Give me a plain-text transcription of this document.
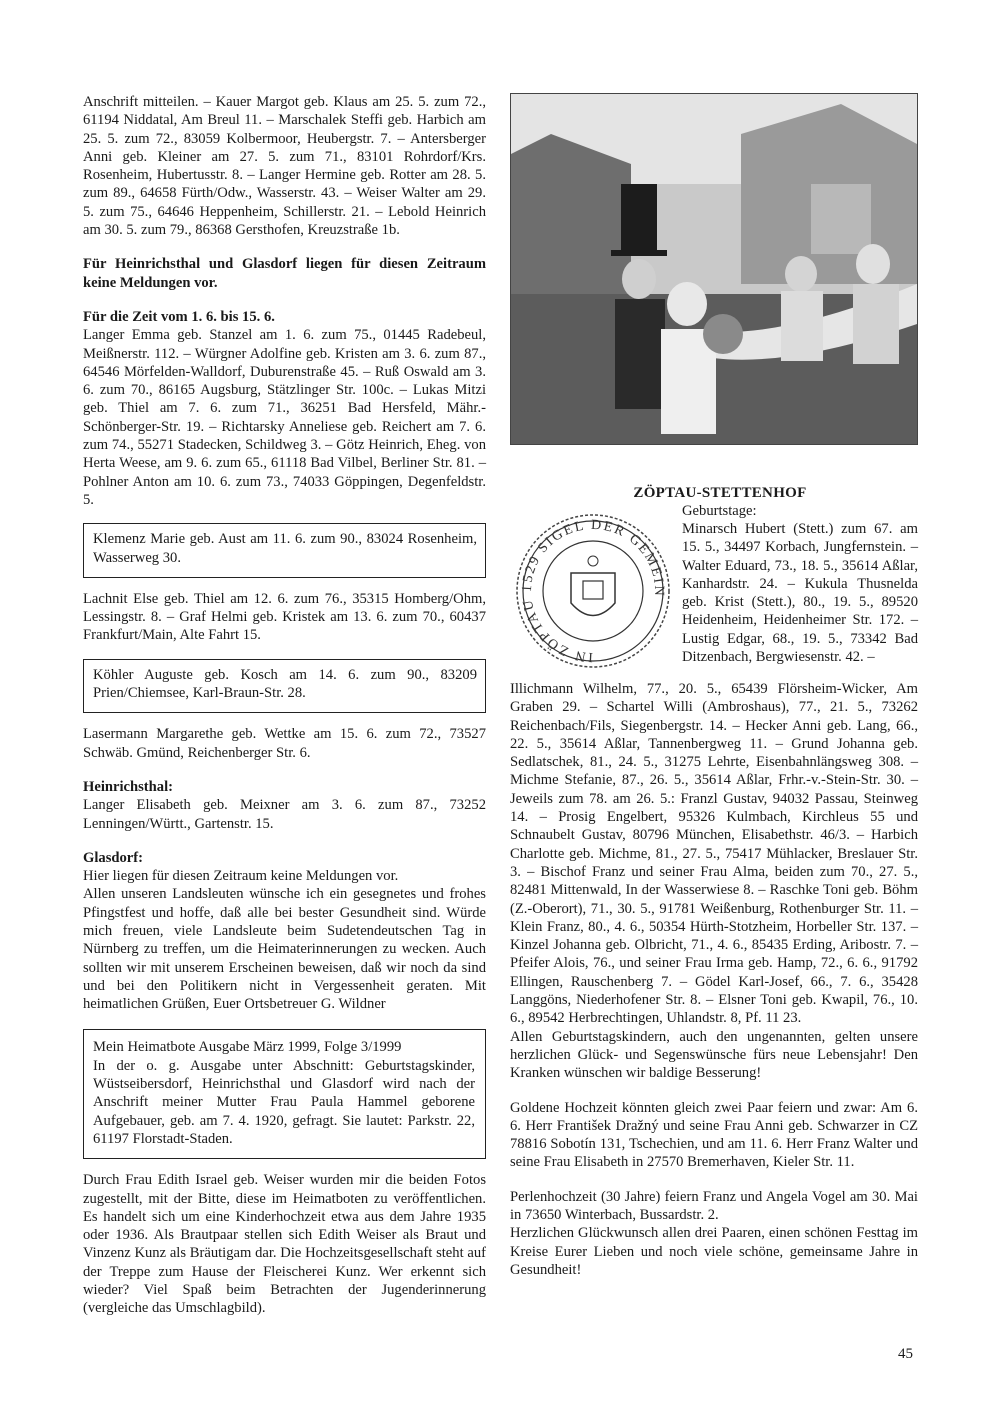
Anschrift mitteilen. – Kauer Margot geb. Klaus am 25. 5. zum 72., 61194 Niddatal, Am Breul 11. – Marschalek Steffi geb. Harbich am 25. 5. zum 72., 83059 Kolbermoor, Heubergstr. 7. – Antersberger Anni geb. Kleiner am 27. 5. zum 71., 83101 Rohrdorf/Krs. Rosenheim, Hubertusstr. 8. – Langer Hermine geb. Rotter am 28. 5. zum 89., 64658 Fürth/Odw., Wasserstr. 43. – Weiser Walter am 29. 5. zum 75., 64646 Heppenheim, Schillerstr. 21. – Lebold Heinrich am 30. 5. zum 79., 86368 Gersthofen, Kreuzstraße 1b.

Für Heinrichsthal und Glasdorf liegen für diesen Zeitraum keine Meldungen vor.

Für die Zeit vom 1. 6. bis 15. 6.

Langer Emma geb. Stanzel am 1. 6. zum 75., 01445 Radebeul, Meißnerstr. 112. – Würgner Adolfine geb. Kristen am 3. 6. zum 87., 64546 Mörfelden-Walldorf, Duburenstraße 45. – Ruß Oswald am 3. 6. zum 70., 86165 Augsburg, Stätzlinger Str. 100c. – Lukas Mitzi geb. Thiel am 7. 6. zum 71., 36251 Bad Hersfeld, Mähr.-Schönberger-Str. 19. – Richtarsky Anneliese geb. Reichert am 7. 6. zum 74., 55271 Stadecken, Schildweg 3. – Götz Heinrich, Eheg. von Herta Weese, am 9. 6. zum 65., 61118 Bad Vilbel, Berliner Str. 81. – Pohlner Anton am 10. 6. zum 73., 74033 Göppingen, Degenfeldstr. 5.

Klemenz Marie geb. Aust am 11. 6. zum 90., 83024 Rosenheim, Wasserweg 30.

Lachnit Else geb. Thiel am 12. 6. zum 76., 35315 Homberg/Ohm, Lessingstr. 8. – Graf Helmi geb. Kristek am 13. 6. zum 70., 60437 Frankfurt/Main, Alte Fahrt 15.

Köhler Auguste geb. Kosch am 14. 6. zum 90., 83209 Prien/Chiemsee, Karl-Braun-Str. 28.

Lasermann Margarethe geb. Wettke am 15. 6. zum 72., 73527 Schwäb. Gmünd, Reichenberger Str. 6.

Heinrichsthal:

Langer Elisabeth geb. Meixner am 3. 6. zum 87., 73252 Lenningen/Württ., Gartenstr. 15.

Glasdorf:

Hier liegen für diesen Zeitraum keine Meldungen vor.

Allen unseren Landsleuten wünsche ich ein gesegnetes und frohes Pfingstfest und hoffe, daß alle bei bester Gesundheit sind. Würde mich freuen, viele Landsleute beim Sudetendeutschen Tag in Nürnberg zu treffen, um die Heimaterinnerungen zu wecken. Auch sollten wir mit unserem Erscheinen beweisen, daß wir noch da sind und bei den Politikern nicht in Vergessenheit geraten. Mit heimatlichen Grüßen, Euer Ortsbetreuer G. Wildner

Mein Heimatbote Ausgabe März 1999, Folge 3/1999

In der o. g. Ausgabe unter Abschnitt: Geburtstagskinder, Wüstseibersdorf, Heinrichsthal und Glasdorf wird nach der Anschrift meiner Mutter Frau Paula Hammel geborene Aufgebauer, geb. am 7. 4. 1920, gefragt. Sie lautet: Parkstr. 22, 61197 Florstadt-Staden.

Durch Frau Edith Israel geb. Weiser wurden mir die beiden Fotos zugestellt, mit der Bitte, diese im Heimatboten zu veröffentlichen. Es handelt sich um eine Kinderhochzeit etwa aus dem Jahre 1935 oder 1936. Als Brautpaar stellen sich Edith Weiser als Braut und Vinzenz Kunz als Bräutigam dar. Die Hochzeitsgesellschaft steht auf der Treppe zum Hause der Fleischerei Kunz. Wer erkennt sich wieder? Viel Spaß beim Betrachten der Jugenderinnerung (vergleiche das Umschlagbild).

ZÖPTAU-STETTENHOF
IN ZÖPTAU 1529 SIGEL DER GEMEIN

Geburtstage:

Minarsch Hubert (Stett.) zum 67. am 15. 5., 34497 Korbach, Jungfernstein. – Walter Eduard, 73., 18. 5., 35614 Aßlar, Kanhardstr. 24. – Kukula Thusnelda geb. Krist (Stett.), 80., 19. 5., 89520 Heidenheim, Heidenheimer Str. 172. – Lustig Edgar, 68., 19. 5., 73342 Bad Ditzenbach, Bergwiesenstr. 42. –

Illichmann Wilhelm, 77., 20. 5., 65439 Flörsheim-Wicker, Am Graben 29. – Schartel Willi (Ambroshaus), 77., 21. 5., 73262 Reichenbach/Fils, Siegenbergstr. 14. – Hecker Anni geb. Lang, 66., 22. 5., 35614 Aßlar, Tannenbergweg 11. – Grund Johanna geb. Sedlatschek, 81., 24. 5., 31275 Lehrte, Eisenbahnlängsweg 308. – Michme Stefanie, 87., 26. 5., 35614 Aßlar, Frhr.-v.-Stein-Str. 30. – Jeweils zum 78. am 26. 5.: Franzl Gustav, 94032 Passau, Steinweg 14. – Prosig Engelbert, 95326 Kulmbach, Kirchleus 55 und Schnaubelt Gustav, 80796 München, Elisabethstr. 46/3. – Harbich Charlotte geb. Michme, 81., 27. 5., 75417 Mühlacker, Breslauer Str. 3. – Bischof Franz und seiner Frau Alma, beiden zum 70., 27. 5., 82481 Mittenwald, In der Wasserwiese 8. – Raschke Toni geb. Böhm (Z.-Oberort), 71., 30. 5., 91781 Weißenburg, Rothenburger Str. 11. – Klein Franz, 80., 4. 6., 50354 Hürth-Stotzheim, Horbeller Str. 137. – Kinzel Johanna geb. Olbricht, 71., 4. 6., 85435 Erding, Aribostr. 7. – Pfeifer Alois, 76., und seiner Frau Irma geb. Hamp, 72., 6. 6., 91792 Ellingen, Rauschenberg 7. – Gödel Karl-Josef, 66., 7. 6., 35428 Langgöns, Niederhofener Str. 8. – Elsner Toni geb. Kwapil, 76., 10. 6., 89542 Herbrechtingen, Uhlandstr. 8, Pf. 11 23.

Allen Geburtstagskindern, auch den ungenannten, gelten unsere herzlichen Glück- und Segenswünsche fürs neue Lebensjahr! Den Kranken wünschen wir baldige Besserung!

Goldene Hochzeit könnten gleich zwei Paar feiern und zwar: Am 6. 6. Herr František Dražný und seine Frau Anni geb. Schwarzer in CZ 78816 Sobotín 131, Tschechien, und am 11. 6. Herr Franz Walter und seine Frau Elisabeth in 27570 Bremerhaven, Kieler Str. 11.

Perlenhochzeit (30 Jahre) feiern Franz und Angela Vogel am 30. Mai in 73650 Winterbach, Bussardstr. 2.

Herzlichen Glückwunsch allen drei Paaren, einen schönen Festtag im Kreise Eurer Lieben und noch viele schöne, gemeinsame Jahre in Gesundheit!

45
